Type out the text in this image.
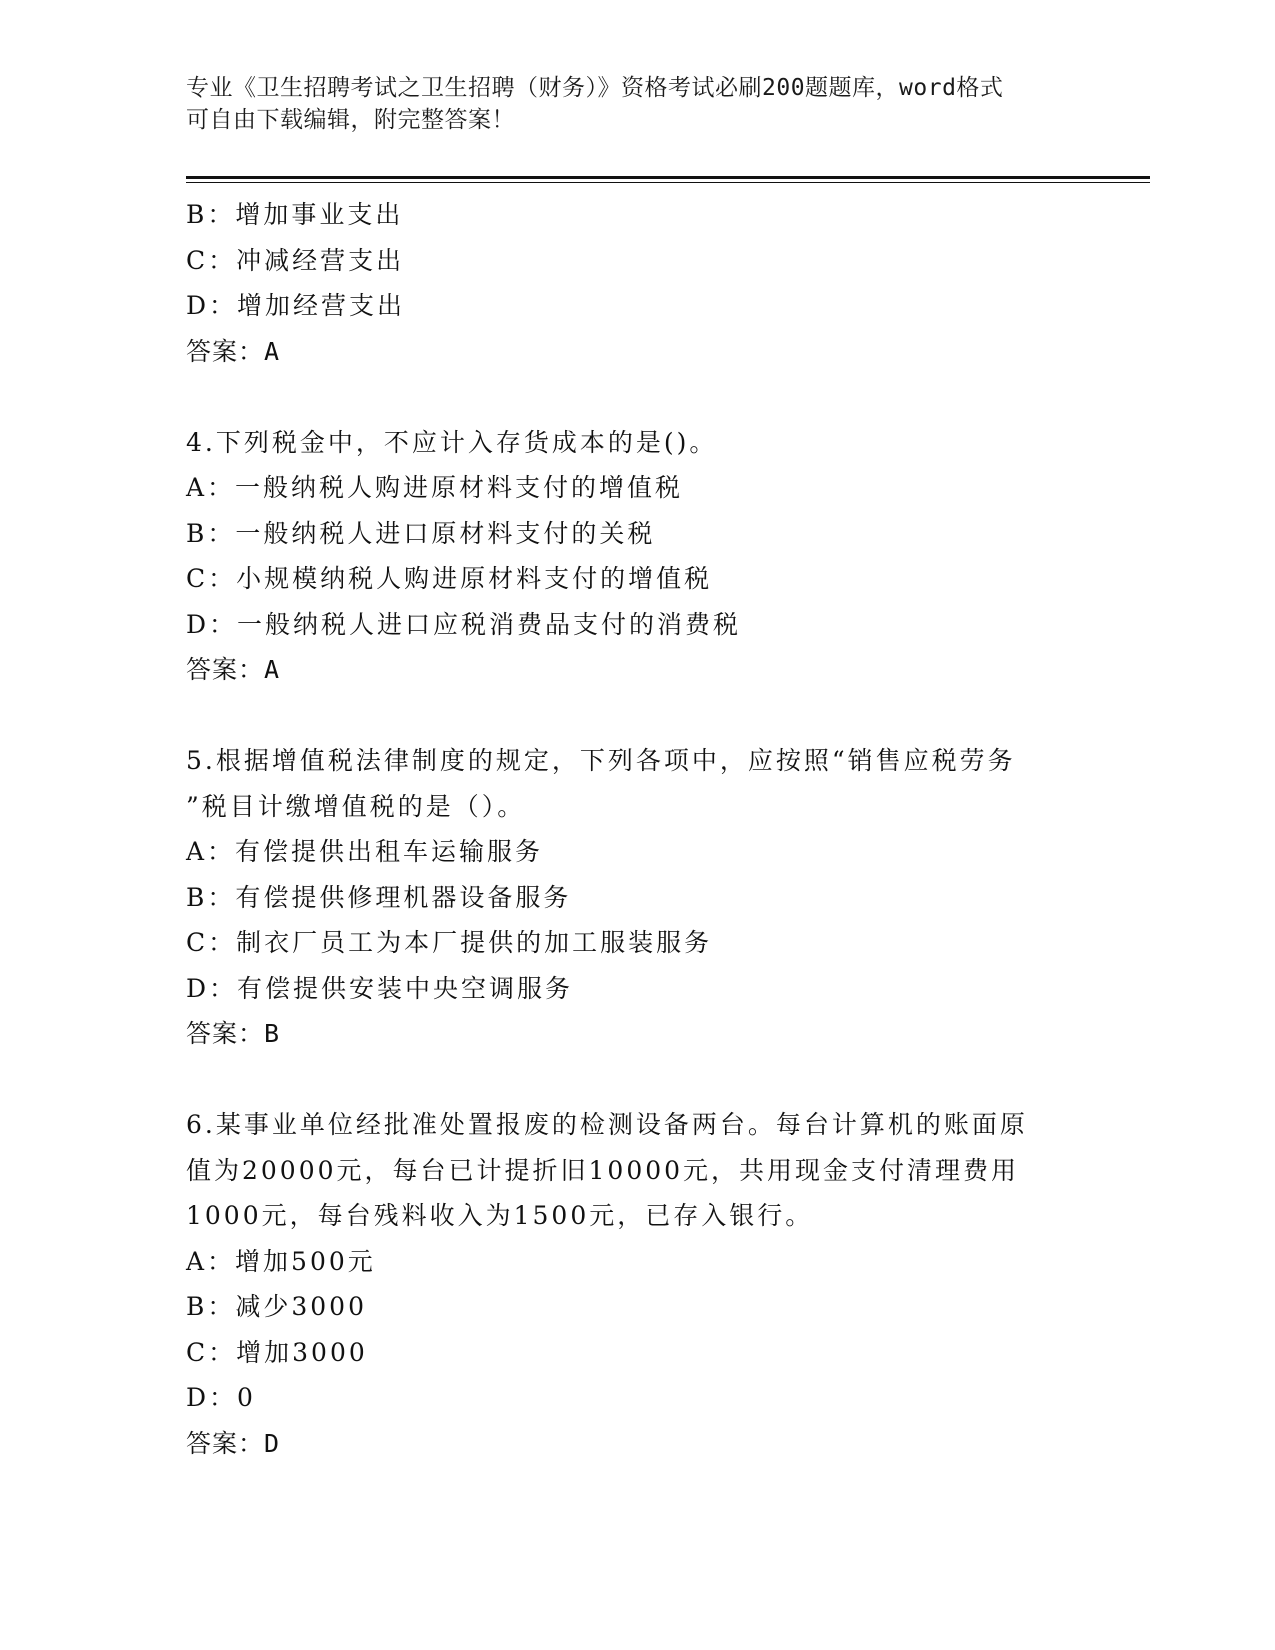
专业《卫生招聘考试之卫生招聘（财务）》资格考试必刷200题题库，word格式
可自由下载编辑，附完整答案！
B：增加事业支出
C：冲减经营支出
D：增加经营支出
答案：A
4.下列税金中，不应计入存货成本的是()。
A：一般纳税人购进原材料支付的增值税
B：一般纳税人进口原材料支付的关税
C：小规模纳税人购进原材料支付的增值税
D：一般纳税人进口应税消费品支付的消费税
答案：A
5.根据增值税法律制度的规定，下列各项中，应按照“销售应税劳务
”税目计缴增值税的是（）。
A：有偿提供出租车运输服务
B：有偿提供修理机器设备服务
C：制衣厂员工为本厂提供的加工服装服务
D：有偿提供安装中央空调服务
答案：B
6.某事业单位经批准处置报废的检测设备两台。每台计算机的账面原
值为20000元，每台已计提折旧10000元，共用现金支付清理费用
1000元，每台残料收入为1500元，已存入银行。
A：增加500元
B：减少3000
C：增加3000
D：0
答案：D
